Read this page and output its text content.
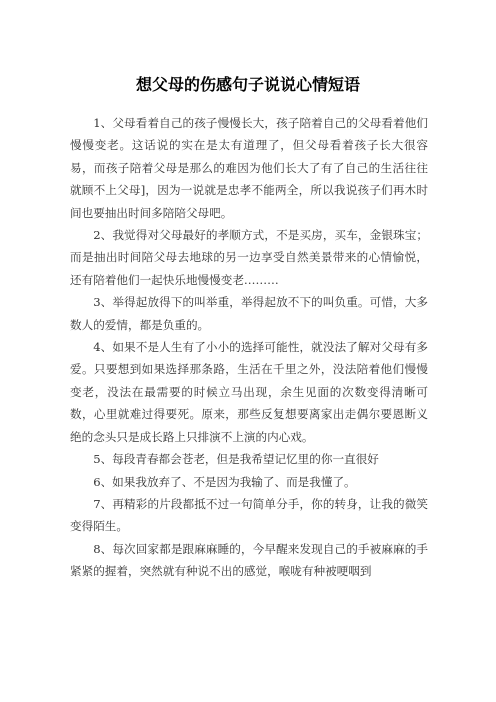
想父母的伤感句子说说心情短语

1、父母看着自己的孩子慢慢长大，孩子陪着自己的父母看着他们慢慢变老。这话说的实在是太有道理了，但父母看着孩子长大很容易，而孩子陪着父母是那么的难因为他们长大了有了自己的生活往往就顾不上父母]，因为一说就是忠孝不能两全，所以我说孩子们再木时间也要抽出时间多陪陪父母吧。

2、我觉得对父母最好的孝顺方式，不是买房，买车，金银珠宝；而是抽出时间陪父母去地球的另一边享受自然美景带来的心情愉悦，还有陪着他们一起快乐地慢慢变老………

3、举得起放得下的叫举重，举得起放不下的叫负重。可惜，大多数人的爱情，都是负重的。

4、如果不是人生有了小小的选择可能性，就没法了解对父母有多爱。只要想到如果选择那条路，生活在千里之外，没法陪着他们慢慢变老，没法在最需要的时候立马出现，余生见面的次数变得清晰可数，心里就难过得要死。原来，那些反复想要离家出走偶尔要恩断义绝的念头只是成长路上只排演不上演的内心戏。

5、每段青春都会苍老，但是我希望记忆里的你一直很好

6、如果我放弃了、不是因为我输了、而是我懂了。

7、再精彩的片段都抵不过一句简单分手，你的转身，让我的微笑变得陌生。

8、每次回家都是跟麻麻睡的，今早醒来发现自己的手被麻麻的手紧紧的握着，突然就有种说不出的感觉，喉咙有种被哽咽到
